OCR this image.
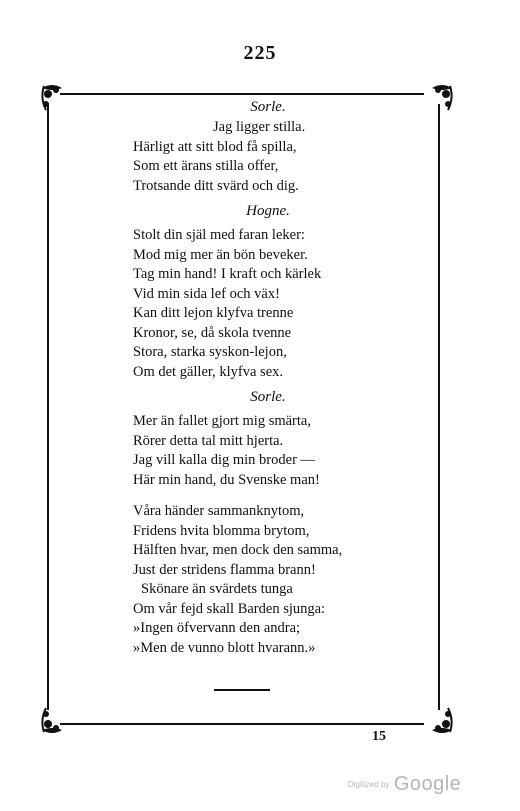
225
Sorle.
Jag ligger stilla.
Härligt att sitt blod få spilla,
Som ett ärans stilla offer,
Trotsande ditt svärd och dig.
Hogne.
Stolt din själ med faran leker:
Mod mig mer än bön beveker.
Tag min hand! I kraft och kärlek
Vid min sida lef och väx!
Kan ditt lejon klyfva trenne
Kronor, se, då skola tvenne
Stora, starka syskon-lejon,
Om det gäller, klyfva sex.
Sorle.
Mer än fallet gjort mig smärta,
Rörer detta tal mitt hjerta.
Jag vill kalla dig min broder —
Här min hand, du Svenske man!
Våra händer sammanknytom,
Fridens hvita blomma brytom,
Hälften hvar, men dock den samma,
Just der stridens flamma brann!
Skönare än svärdets tunga
Om vår fejd skall Barden sjunga:
»Ingen öfvervann den andra;
»Men de vunno blott hvarann.»
15
Digitized by Google
